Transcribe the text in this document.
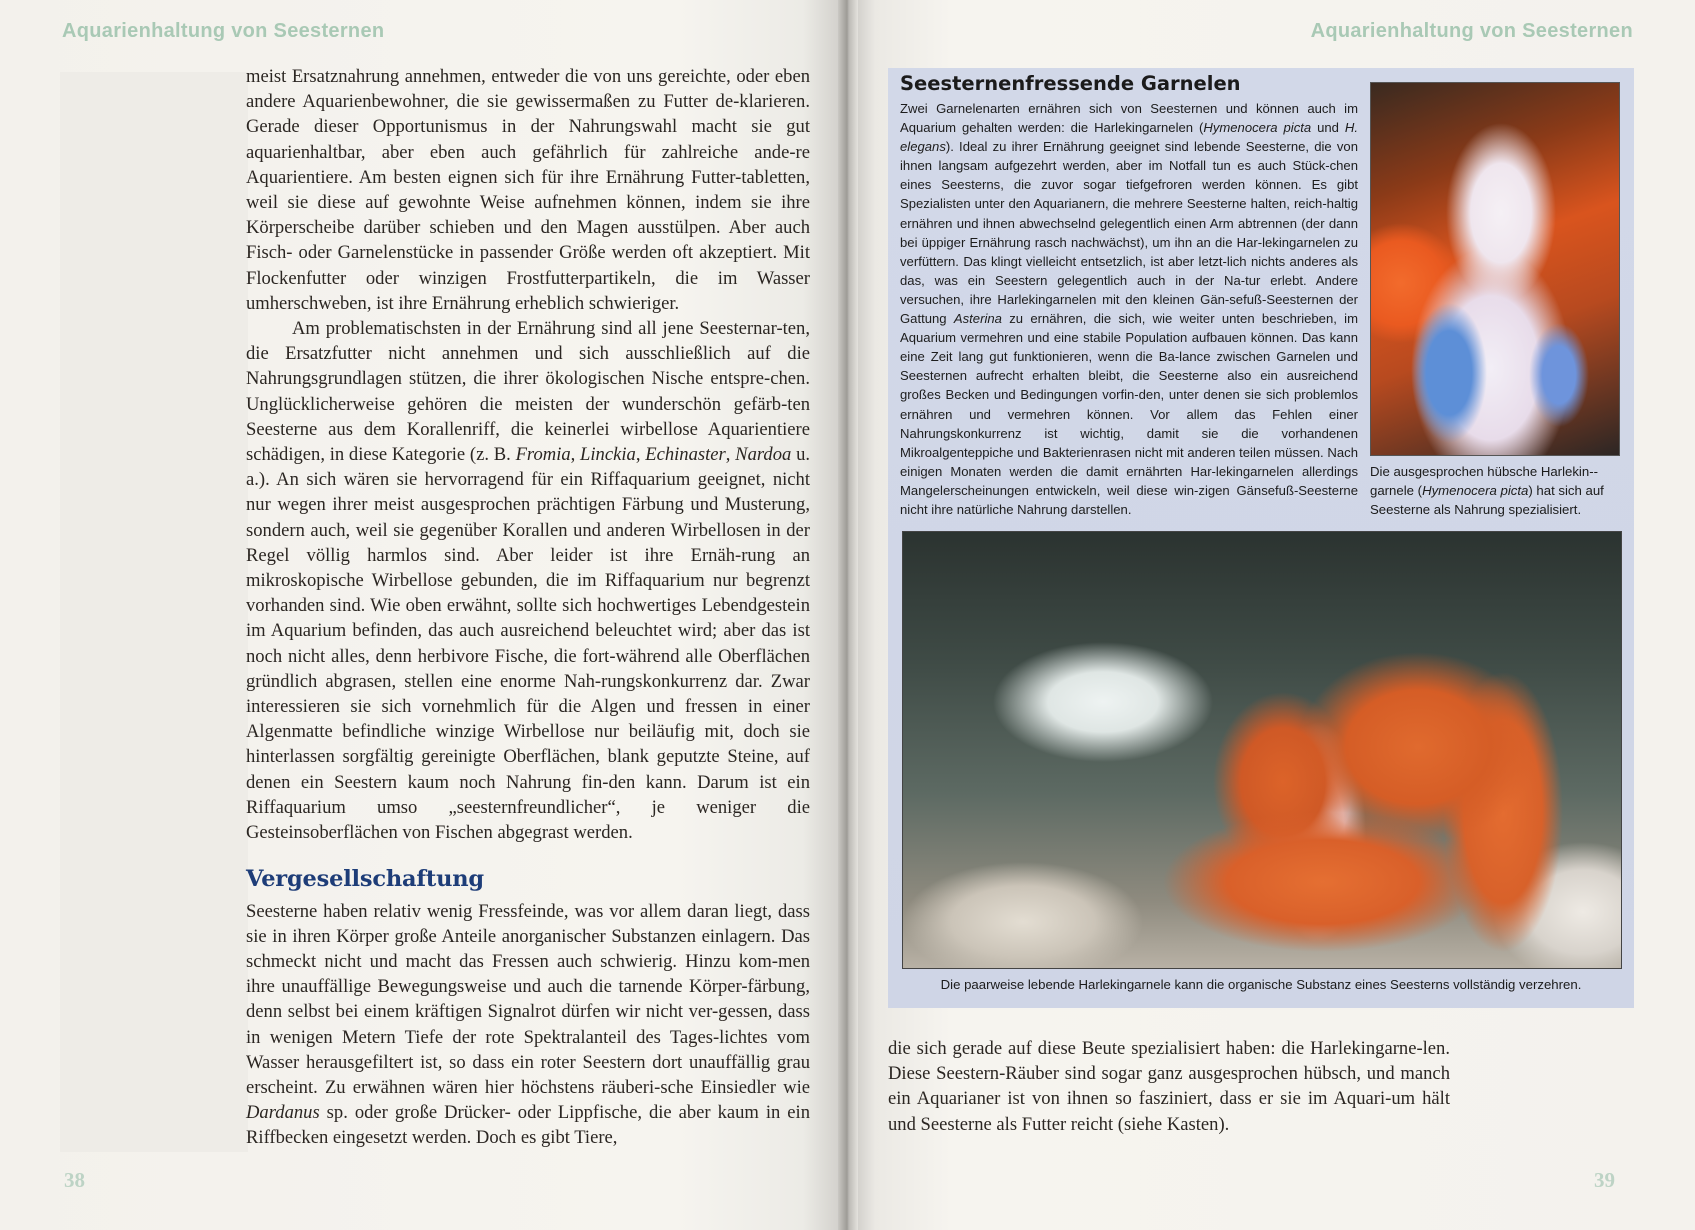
Aquarienhaltung von Seesternen

meist Ersatznahrung annehmen, entweder die von uns gereichte, oder eben andere Aquarienbewohner, die sie gewissermaßen zu Futter de-klarieren. Gerade dieser Opportunismus in der Nahrungswahl macht sie gut aquarienhaltbar, aber eben auch gefährlich für zahlreiche ande-re Aquarientiere. Am besten eignen sich für ihre Ernährung Futter-tabletten, weil sie diese auf gewohnte Weise aufnehmen können, indem sie ihre Körperscheibe darüber schieben und den Magen ausstülpen. Aber auch Fisch- oder Garnelenstücke in passender Größe werden oft akzeptiert. Mit Flockenfutter oder winzigen Frostfutterpartikeln, die im Wasser umherschweben, ist ihre Ernährung erheblich schwieriger.

Am problematischsten in der Ernährung sind all jene Seesternar-ten, die Ersatzfutter nicht annehmen und sich ausschließlich auf die Nahrungsgrundlagen stützen, die ihrer ökologischen Nische entspre-chen. Unglücklicherweise gehören die meisten der wunderschön gefärb-ten Seesterne aus dem Korallenriff, die keinerlei wirbellose Aquarientiere schädigen, in diese Kategorie (z. B. Fromia, Linckia, Echinaster, Nardoa u. a.). An sich wären sie hervorragend für ein Riffaquarium geeignet, nicht nur wegen ihrer meist ausgesprochen prächtigen Färbung und Musterung, sondern auch, weil sie gegenüber Korallen und anderen Wirbellosen in der Regel völlig harmlos sind. Aber leider ist ihre Ernäh-rung an mikroskopische Wirbellose gebunden, die im Riffaquarium nur begrenzt vorhanden sind. Wie oben erwähnt, sollte sich hochwertiges Lebendgestein im Aquarium befinden, das auch ausreichend beleuchtet wird; aber das ist noch nicht alles, denn herbivore Fische, die fort-während alle Oberflächen gründlich abgrasen, stellen eine enorme Nah-rungskonkurrenz dar. Zwar interessieren sie sich vornehmlich für die Algen und fressen in einer Algenmatte befindliche winzige Wirbellose nur beiläufig mit, doch sie hinterlassen sorgfältig gereinigte Oberflächen, blank geputzte Steine, auf denen ein Seestern kaum noch Nahrung fin-den kann. Darum ist ein Riffaquarium umso „seesternfreundlicher“, je weniger die Gesteinsoberflächen von Fischen abgegrast werden.

Vergesellschaftung

Seesterne haben relativ wenig Fressfeinde, was vor allem daran liegt, dass sie in ihren Körper große Anteile anorganischer Substanzen einlagern. Das schmeckt nicht und macht das Fressen auch schwierig. Hinzu kom-men ihre unauffällige Bewegungsweise und auch die tarnende Körper-färbung, denn selbst bei einem kräftigen Signalrot dürfen wir nicht ver-gessen, dass in wenigen Metern Tiefe der rote Spektralanteil des Tages-lichtes vom Wasser herausgefiltert ist, so dass ein roter Seestern dort unauffällig grau erscheint. Zu erwähnen wären hier höchstens räuberi-sche Einsiedler wie Dardanus sp. oder große Drücker- oder Lippfische, die aber kaum in ein Riffbecken eingesetzt werden. Doch es gibt Tiere,

38
Aquarienhaltung von Seesternen
Seesternenfressende Garnelen

Zwei Garnelenarten ernähren sich von Seesternen und können auch im Aquarium gehalten werden: die Harlekingarnelen (Hymenocera picta und H. elegans). Ideal zu ihrer Ernährung geeignet sind lebende Seesterne, die von ihnen langsam aufgezehrt werden, aber im Notfall tun es auch Stück-chen eines Seesterns, die zuvor sogar tiefgefroren werden können. Es gibt Spezialisten unter den Aquarianern, die mehrere Seesterne halten, reich-haltig ernähren und ihnen abwechselnd gelegentlich einen Arm abtrennen (der dann bei üppiger Ernährung rasch nachwächst), um ihn an die Har-lekingarnelen zu verfüttern. Das klingt vielleicht entsetzlich, ist aber letzt-lich nichts anderes als das, was ein Seestern gelegentlich auch in der Na-tur erlebt. Andere versuchen, ihre Harlekingarnelen mit den kleinen Gän-sefuß-Seesternen der Gattung Asterina zu ernähren, die sich, wie weiter unten beschrieben, im Aquarium vermehren und eine stabile Population aufbauen können. Das kann eine Zeit lang gut funktionieren, wenn die Ba-lance zwischen Garnelen und Seesternen aufrecht erhalten bleibt, die Seesterne also ein ausreichend großes Becken und Bedingungen vorfin-den, unter denen sie sich problemlos ernähren und vermehren können. Vor allem das Fehlen einer Nahrungskonkurrenz ist wichtig, damit sie die vorhandenen Mikroalgenteppiche und Bakterienrasen nicht mit anderen teilen müssen. Nach einigen Monaten werden die damit ernährten Har-lekingarnelen allerdings Mangelerscheinungen entwickeln, weil diese win-zigen Gänsefuß-Seesterne nicht ihre natürliche Nahrung darstellen.

Die ausgesprochen hübsche Harlekin-garnele (Hymenocera picta) hat sich auf Seesterne als Nahrung spezialisiert.
Die paarweise lebende Harlekingarnele kann die organische Substanz eines Seesterns vollständig verzehren.

die sich gerade auf diese Beute spezialisiert haben: die Harlekingarne-len. Diese Seestern-Räuber sind sogar ganz ausgesprochen hübsch, und manch ein Aquarianer ist von ihnen so fasziniert, dass er sie im Aquari-um hält und Seesterne als Futter reicht (siehe Kasten).

39
